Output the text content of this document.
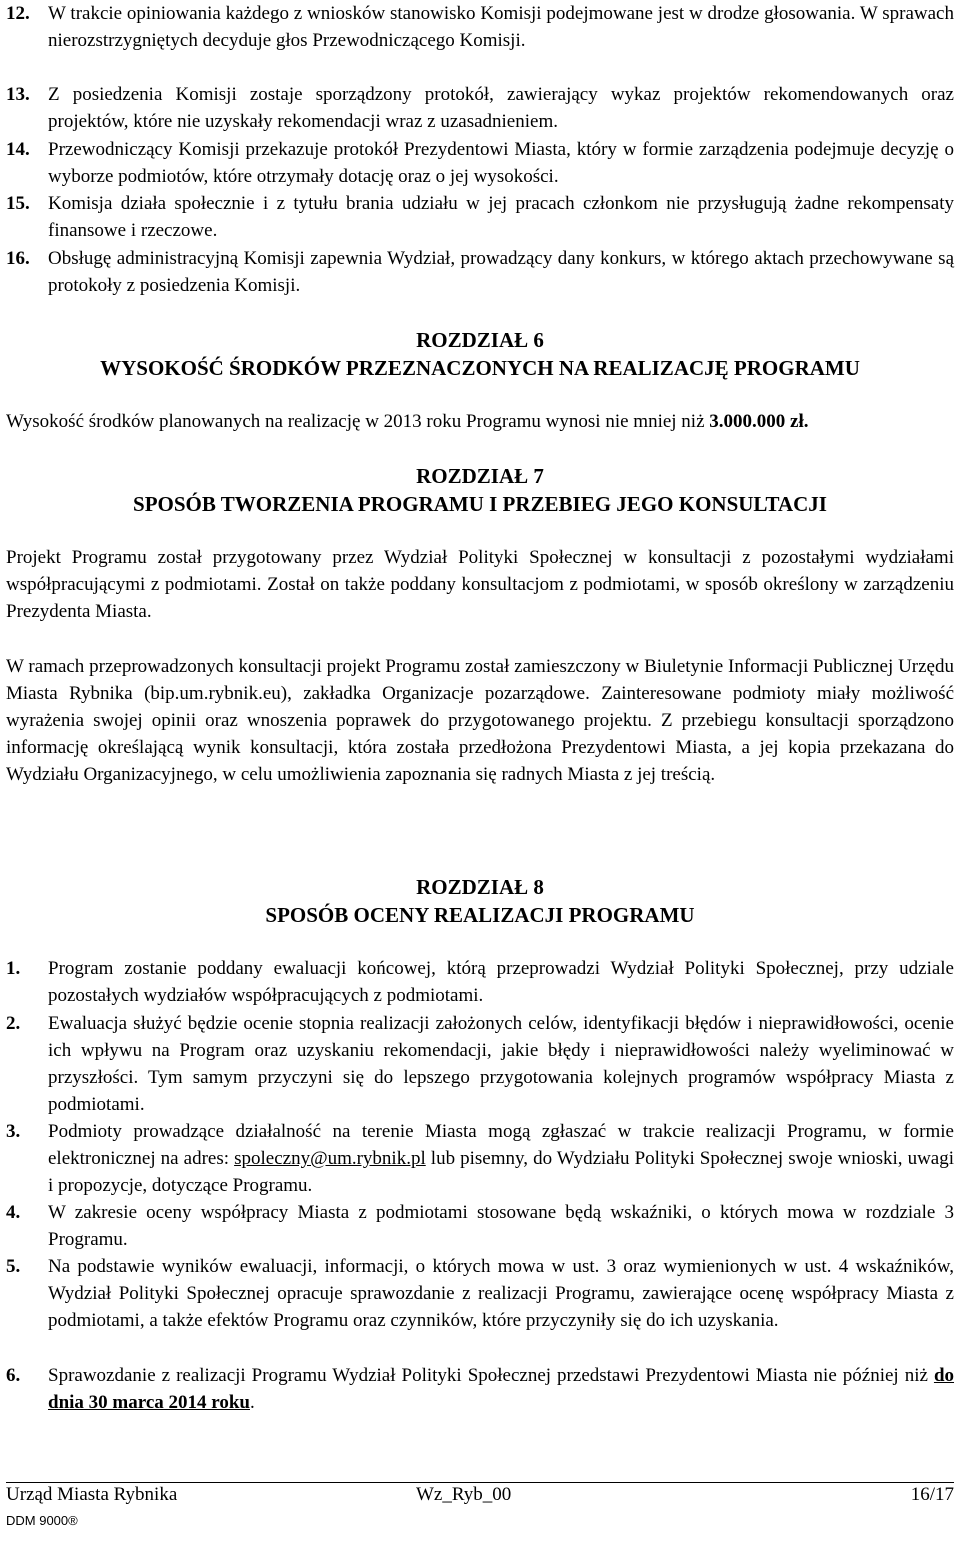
12. W trakcie opiniowania każdego z wniosków stanowisko Komisji podejmowane jest w drodze głosowania. W sprawach nierozstrzygniętych decyduje głos Przewodniczącego Komisji.
13. Z posiedzenia Komisji zostaje sporządzony protokół, zawierający wykaz projektów rekomendowanych oraz projektów, które nie uzyskały rekomendacji wraz z uzasadnieniem.
14. Przewodniczący Komisji przekazuje protokół Prezydentowi Miasta, który w formie zarządzenia podejmuje decyzję o wyborze podmiotów, które otrzymały dotację oraz o jej wysokości.
15. Komisja działa społecznie i z tytułu brania udziału w jej pracach członkom nie przysługują żadne rekompensaty finansowe i rzeczowe.
16. Obsługę administracyjną Komisji zapewnia Wydział, prowadzący dany konkurs, w którego aktach przechowywane są protokoły z posiedzenia Komisji.
ROZDZIAŁ 6
WYSOKOŚĆ ŚRODKÓW PRZEZNACZONYCH NA REALIZACJĘ PROGRAMU
Wysokość środków planowanych na realizację w 2013 roku Programu wynosi nie mniej niż 3.000.000 zł.
ROZDZIAŁ 7
SPOSÓB TWORZENIA PROGRAMU I PRZEBIEG JEGO KONSULTACJI
Projekt Programu został przygotowany przez Wydział Polityki Społecznej w konsultacji z pozostałymi wydziałami współpracującymi z podmiotami. Został on także poddany konsultacjom z podmiotami, w sposób określony w zarządzeniu Prezydenta Miasta.
W ramach przeprowadzonych konsultacji projekt Programu został zamieszczony w Biuletynie Informacji Publicznej Urzędu Miasta Rybnika (bip.um.rybnik.eu), zakładka Organizacje pozarządowe. Zainteresowane podmioty miały możliwość wyrażenia swojej opinii oraz wnoszenia poprawek do przygotowanego projektu. Z przebiegu konsultacji sporządzono informację określającą wynik konsultacji, która została przedłożona Prezydentowi Miasta, a jej kopia przekazana do Wydziału Organizacyjnego, w celu umożliwienia zapoznania się radnych Miasta z jej treścią.
ROZDZIAŁ 8
SPOSÓB OCENY REALIZACJI PROGRAMU
1. Program zostanie poddany ewaluacji końcowej, którą przeprowadzi Wydział Polityki Społecznej, przy udziale pozostałych wydziałów współpracujących z podmiotami.
2. Ewaluacja służyć będzie ocenie stopnia realizacji założonych celów, identyfikacji błędów i nieprawidłowości, ocenie ich wpływu na Program oraz uzyskaniu rekomendacji, jakie błędy i nieprawidłowości należy wyeliminować w przyszłości. Tym samym przyczyni się do lepszego przygotowania kolejnych programów współpracy Miasta z podmiotami.
3. Podmioty prowadzące działalność na terenie Miasta mogą zgłaszać w trakcie realizacji Programu, w formie elektronicznej na adres: spoleczny@um.rybnik.pl lub pisemny, do Wydziału Polityki Społecznej swoje wnioski, uwagi i propozycje, dotyczące Programu.
4. W zakresie oceny współpracy Miasta z podmiotami stosowane będą wskaźniki, o których mowa w rozdziale 3 Programu.
5. Na podstawie wyników ewaluacji, informacji, o których mowa w ust. 3 oraz wymienionych w ust. 4 wskaźników, Wydział Polityki Społecznej opracuje sprawozdanie z realizacji Programu, zawierające ocenę współpracy Miasta z podmiotami, a także efektów Programu oraz czynników, które przyczyniły się do ich uzyskania.
6. Sprawozdanie z realizacji Programu Wydział Polityki Społecznej przedstawi Prezydentowi Miasta nie później niż do dnia 30 marca 2014 roku.
Urząd Miasta Rybnika	Wz_Ryb_00	16/17
DDM 9000®
